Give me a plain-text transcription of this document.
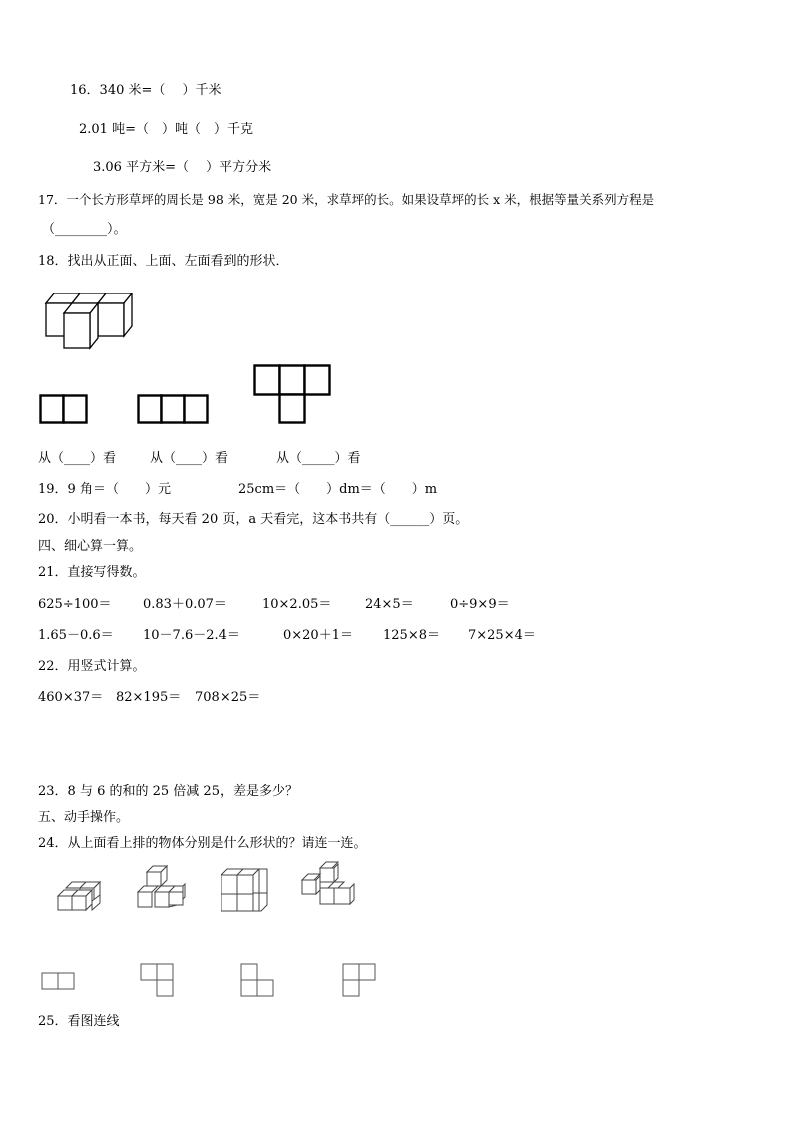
16．340 米=（　 ）千米
2.01 吨=（　）吨（　）千克
3.06 平方米=（　 ）平方分米
17．一个长方形草坪的周长是 98 米，宽是 20 米，求草坪的长。如果设草坪的长 x 米，根据等量关系列方程是
（________）。
18．找出从正面、上面、左面看到的形状．
从（____）看	从（____）看	从（_____）看
19．9 角＝（　　）元	25cm＝（　　）dm＝（　　）m
20．小明看一本书，每天看 20 页，a 天看完，这本书共有（______）页。
四、细心算一算。
21．直接写得数。
625÷100＝ 0.83＋0.07＝	10×2.05＝	24×5＝	0÷9×9＝
1.65－0.6＝ 10－7.6－2.4＝	0×20＋1＝ 125×8＝ 7×25×4＝
22．用竖式计算。
460×37＝ 82×195＝ 708×25＝
23．8 与 6 的和的 25 倍减 25，差是多少？
五、动手操作。
24．从上面看上排的物体分别是什么形状的？请连一连。
25．看图连线
